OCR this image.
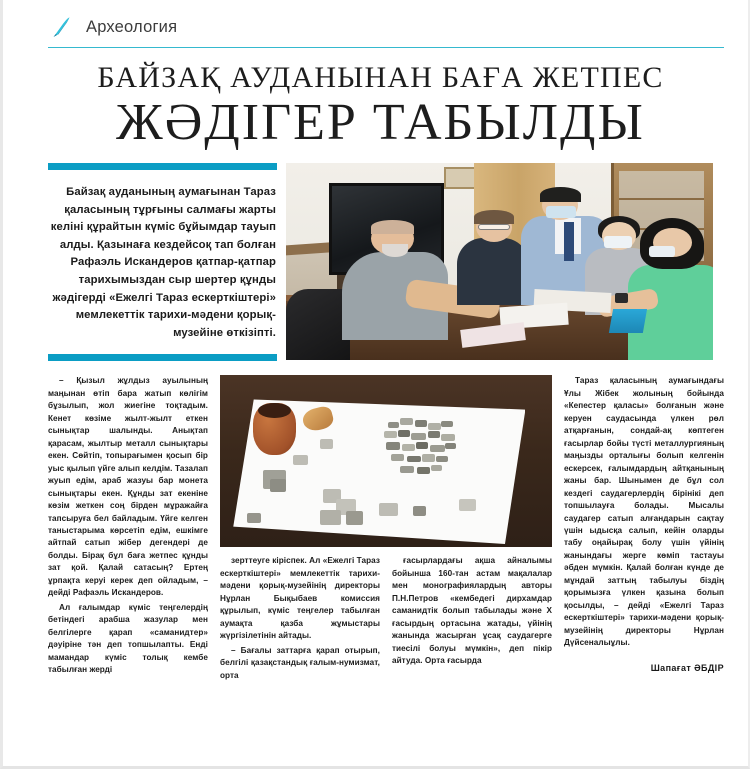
Археология
БАЙЗАҚ АУДАНЫНАН БАҒА ЖЕТПЕС
ЖӘДІГЕР ТАБЫЛДЫ
Байзақ ауданының аумағынан Тараз қаласының тұрғыны салмағы жарты келіні құрайтын күміс бұйымдар тауып алды. Қазынаға кездейсоқ тап болған Рафаэль Искандеров қатпар-қатпар тарихымыздан сыр шертер құнды жәдігерді «Ежелгі Тараз ескерткіштері» мемлекеттік тарихи-мәдени қорық-музейіне өткізіпті.

– Қызыл жұлдыз ауылының маңынан өтіп бара жатып көлігім бұзылып, жол жиегіне тоқтадым. Кенет көзіме жылт-жылт еткен сынықтар шалынды. Анықтап қарасам, жылтыр металл сынықтары екен. Сөйтіп, топырағымен қосып бір уыс қылып үйге алып келдім. Тазалап жуып едім, араб жазуы бар монета сынықтары екен. Құнды зат екеніне көзім жеткен соң бірден мұражайға тапсыруға бел байладым. Үйге келген таныстарыма көрсетіп едім, ешкімге айтпай сатып жібер дегендері де болды. Бірақ бұл баға жетпес құнды зат қой. Қалай сатасың? Ертең ұрпақта керуі керек деп ойладым, – дейді Рафаэль Искандеров.

Ал ғалымдар күміс теңгелердің бетіндегі арабша жазулар мен белгілерге қарап «саманидтер» дәуіріне тән деп топшылапты. Енді мамандар күміс толық кембе табылған жерді

зерттеуге кіріспек. Ал «Ежелгі Тараз ескерткіштері» мемлекеттік тарихи-мәдени қорық-музейінің директоры Нұрлан Бықыбаев комиссия құрылып, күміс теңгелер табылған аумақта қазба жұмыстары жүргізілетінін айтады.

– Бағалы заттарға қарап отырып, белгілі қазақстандық ғалым-нумизмат, орта

ғасырлардағы ақша айналымы бойынша 160-тан астам мақалалар мен монографиялардың авторы П.Н.Петров «кембедегі дирхамдар саманидтік болып табылады және Х ғасырдың ортасына жатады, үйінің жанында жасырған ұсақ саудагерге тиесілі болуы мүмкін», деп пікір айтуда. Орта ғасырда

Тараз қаласының аумағындағы Ұлы Жібек жолының бойында «Кепестер қаласы» болғанын және керуен саудасында үлкен рөл атқарғанын, сондай-ақ көптеген ғасырлар бойы түсті металлургияның маңызды орталығы болып келгенін ескерсек, ғалымдардың айтқанының жаны бар. Шынымен де бұл сол кездегі саудагерлердің бірінікі деп топшылауға болады. Мысалы саудагер сатып алғандарын сақтау үшін ыдысқа салып, кейін оларды табу оңайырақ болу үшін үйінің жанындағы жерге көміп тастауы әбден мүмкін. Қалай болған күнде де мұндай заттың табылуы біздің қорымызға үлкен қазына болып қосылды, – дейді «Ежелгі Тараз ескерткіштері» тарихи-мәдени қорық-музейінің директоры Нұрлан Дүйсеналыұлы.

Шапағат ӘБДІР
